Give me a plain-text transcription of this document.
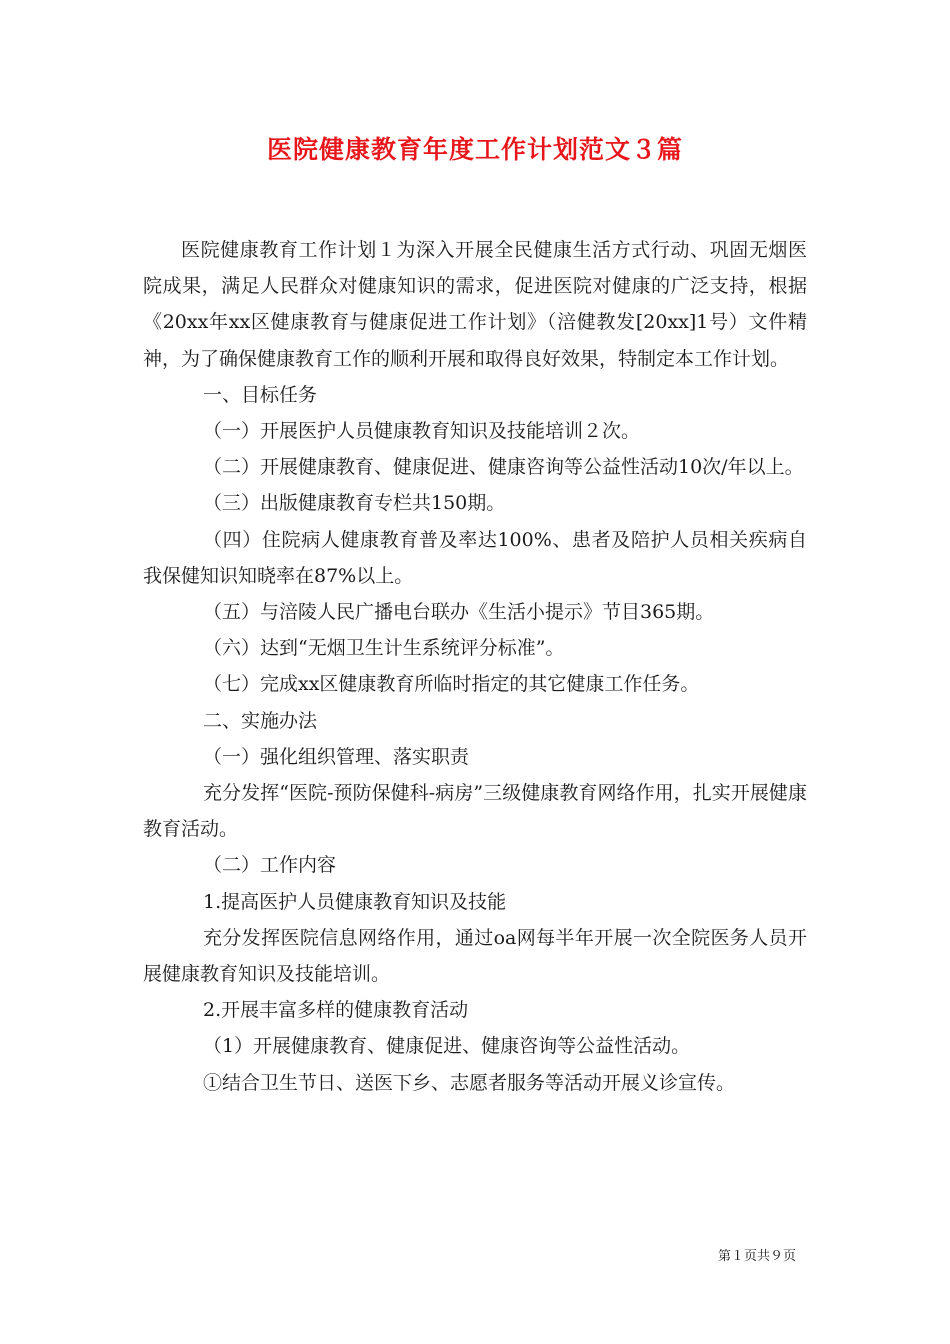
医院健康教育年度工作计划范文３篇

医院健康教育工作计划１为深入开展全民健康生活方式行动、巩固无烟医院成果，满足人民群众对健康知识的需求，促进医院对健康的广泛支持，根据《20xx年xx区健康教育与健康促进工作计划》（涪健教发[20xx]1号）文件精神，为了确保健康教育工作的顺利开展和取得良好效果，特制定本工作计划。

一、目标任务

（一）开展医护人员健康教育知识及技能培训２次。

（二）开展健康教育、健康促进、健康咨询等公益性活动10次/年以上。

（三）出版健康教育专栏共150期。

（四）住院病人健康教育普及率达100%、患者及陪护人员相关疾病自我保健知识知晓率在87%以上。

（五）与涪陵人民广播电台联办《生活小提示》节目365期。

（六）达到“无烟卫生计生系统评分标准”。

（七）完成xx区健康教育所临时指定的其它健康工作任务。

二、实施办法

（一）强化组织管理、落实职责

充分发挥“医院-预防保健科-病房”三级健康教育网络作用，扎实开展健康教育活动。

（二）工作内容

1.提高医护人员健康教育知识及技能

充分发挥医院信息网络作用，通过oa网每半年开展一次全院医务人员开展健康教育知识及技能培训。

2.开展丰富多样的健康教育活动

（1）开展健康教育、健康促进、健康咨询等公益性活动。

①结合卫生节日、送医下乡、志愿者服务等活动开展义诊宣传。

第１页共９页
